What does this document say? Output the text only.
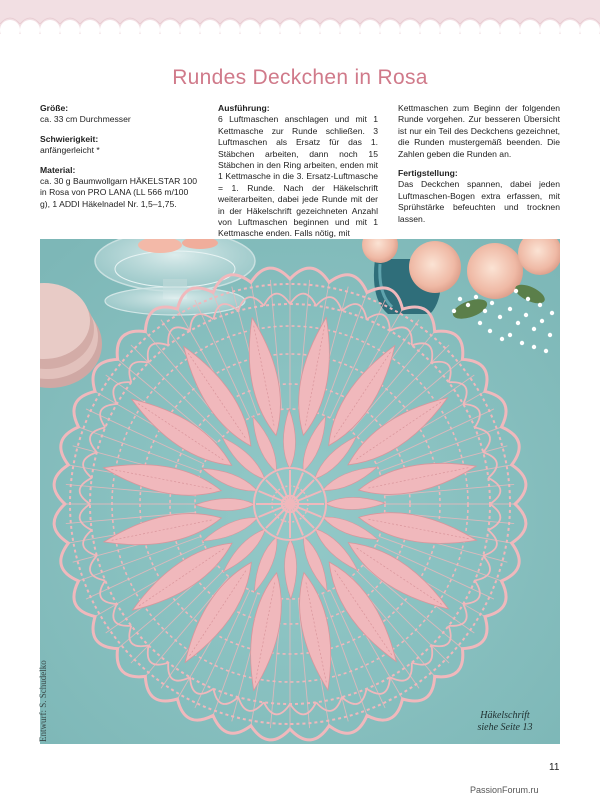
Rundes Deckchen in Rosa

Größe:

ca. 33 cm Durchmesser

Schwierigkeit:

anfängerleicht *

Material:

ca. 30 g Baumwollgarn HÄKELSTAR 100 in Rosa von PRO LANA (LL 566 m/100 g), 1 ADDI Häkelnadel Nr. 1,5–1,75.

Ausführung:

6 Luftmaschen anschlagen und mit 1 Kettmasche zur Runde schließen. 3 Luftmaschen als Ersatz für das 1. Stäbchen arbeiten, dann noch 15 Stäbchen in den Ring arbeiten, enden mit 1 Kettmasche in die 3. Ersatz-Luftmasche = 1. Runde. Nach der Häkelschrift weiterarbeiten, dabei jede Runde mit der in der Häkelschrift gezeichneten Anzahl von Luftmaschen beginnen und mit 1 Kettmasche enden. Falls nötig, mit

Kettmaschen zum Beginn der folgenden Runde vorgehen. Zur besseren Übersicht ist nur ein Teil des Deckchens gezeichnet, die Runden mustergemäß beenden. Die Zahlen geben die Runden an.

Fertigstellung:

Das Deckchen spannen, dabei jeden Luftmaschen-Bogen extra erfassen, mit Sprühstärke befeuchten und trocknen lassen.

Entwurf: S. Schudelko	Häkelschrift
siehe Seite 13
11
PassionForum.ru
